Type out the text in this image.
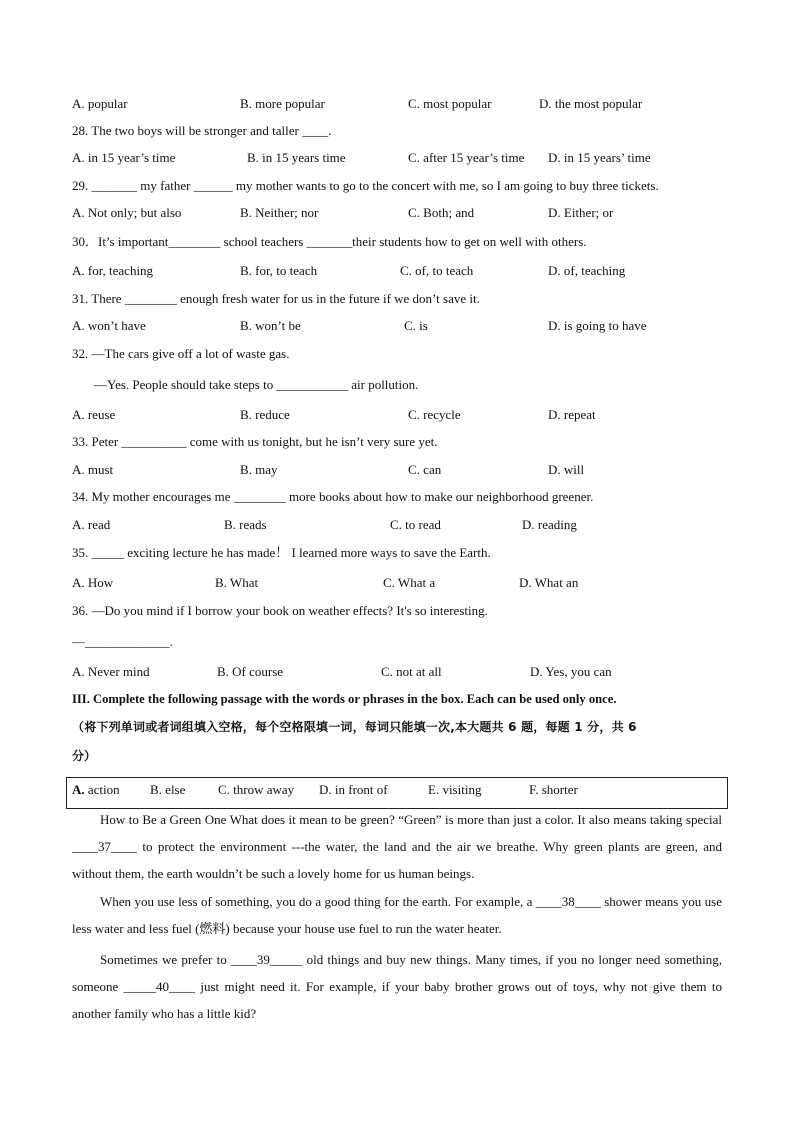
A. popular	B. more popular	C. most popular	D. the most popular
28. The two boys will be stronger and taller ____.
A. in 15 year’s time	B. in 15 years time	C. after 15 year’s time D. in 15 years’ time
29. _______ my father ______ my mother wants to go to the concert with me, so I am going to buy three tickets.
A. Not only; but also	B. Neither; nor	C. Both; and	D. Either; or
30．It’s important________ school teachers _______their students how to get on well with others.
A. for, teaching	B. for, to teach	C. of, to teach	D. of, teaching
31. There ________ enough fresh water for us in the future if we don’t save it.
A. won’t have	B. won’t be	C. is	D. is going to have
32. —The cars give off a lot of waste gas.
—Yes. People should take steps to ___________ air pollution.
A. reuse	B. reduce	C. recycle	D. repeat
33. Peter __________ come with us tonight, but he isn’t very sure yet.
A. must	B. may	C. can	D. will
34. My mother encourages me ________ more books about how to make our neighborhood greener.
A. read	B. reads	C. to read	D. reading
35. _____ exciting lecture he has made！ I learned more ways to save the Earth.
A. How	B. What	C. What a	D. What an
36. —Do you mind if I borrow your book on weather effects? It's so interesting.
—_____________.
A. Never mind	B. Of course	C. not at all	D. Yes, you can
III. Complete the following passage with the words or phrases in the box. Each can be used only once.
（将下列单词或者词组填入空格，每个空格限填一词，每词只能填一次,本大题共 6 题，每题 1 分，共 6
分）
A. action B. else	C. throw away D. in front of	E. visiting	F. shorter
How to Be a Green One What does it mean to be green? “Green” is more than just a color. It also means taking special ____37____ to protect the environment ---the water, the land and the air we breathe. Why green plants are green, and without them, the earth wouldn’t be such a lovely home for us human beings.
When you use less of something, you do a good thing for the earth. For example, a ____38____ shower means you use less water and less fuel (燃料) because your house use fuel to run the water heater.
Sometimes we prefer to ____39_____ old things and buy new things. Many times, if you no longer need something, someone _____40____ just might need it. For example, if your baby brother grows out of toys, why not give them to another family who has a little kid?
